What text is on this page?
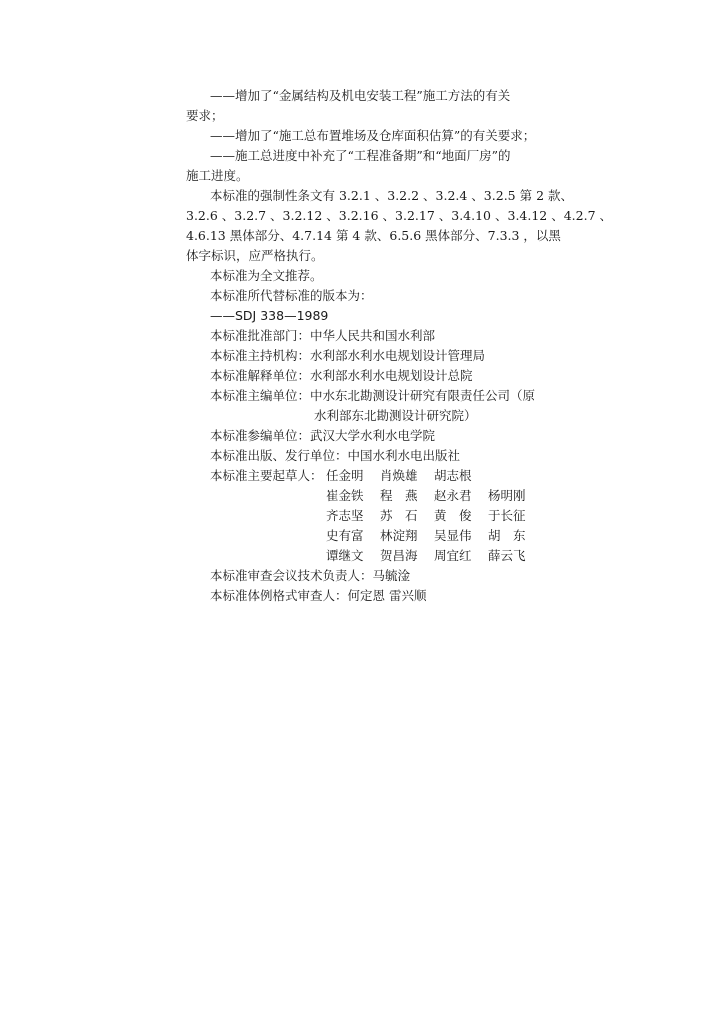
——增加了“金属结构及机电安装工程”施工方法的有关
要求；
——增加了“施工总布置堆场及仓库面积估算”的有关要求；
——施工总进度中补充了“工程准备期”和“地面厂房”的
施工进度。
本标准的强制性条文有 3.2.1 、3.2.2 、3.2.4 、3.2.5 第 2 款、
3.2.6 、3.2.7 、3.2.12 、3.2.16 、3.2.17 、3.4.10 、3.4.12 、4.2.7 、
4.6.13 黑体部分、4.7.14 第 4 款、6.5.6 黑体部分、7.3.3 ，以黑
体字标识，应严格执行。
本标准为全文推荐。
本标准所代替标准的版本为：
——SDJ 338—1989
本标准批准部门：中华人民共和国水利部
本标准主持机构：水利部水利水电规划设计管理局
本标准解释单位：水利部水利水电规划设计总院
本标准主编单位：中水东北勘测设计研究有限责任公司（原
水利部东北勘测设计研究院）
本标准参编单位：武汉大学水利水电学院
本标准出版、发行单位：中国水利水电出版社
本标准主要起草人： 任金明 肖焕雄 胡志根
崔金铁 程　燕 赵永君 杨明刚
齐志坚 苏　石 黄　俊 于长征
史有富 林淀翔 吴显伟 胡　东
谭继文 贺昌海 周宜红 薛云飞
本标准审查会议技术负责人：马毓淦
本标准体例格式审查人：何定恩 雷兴顺
